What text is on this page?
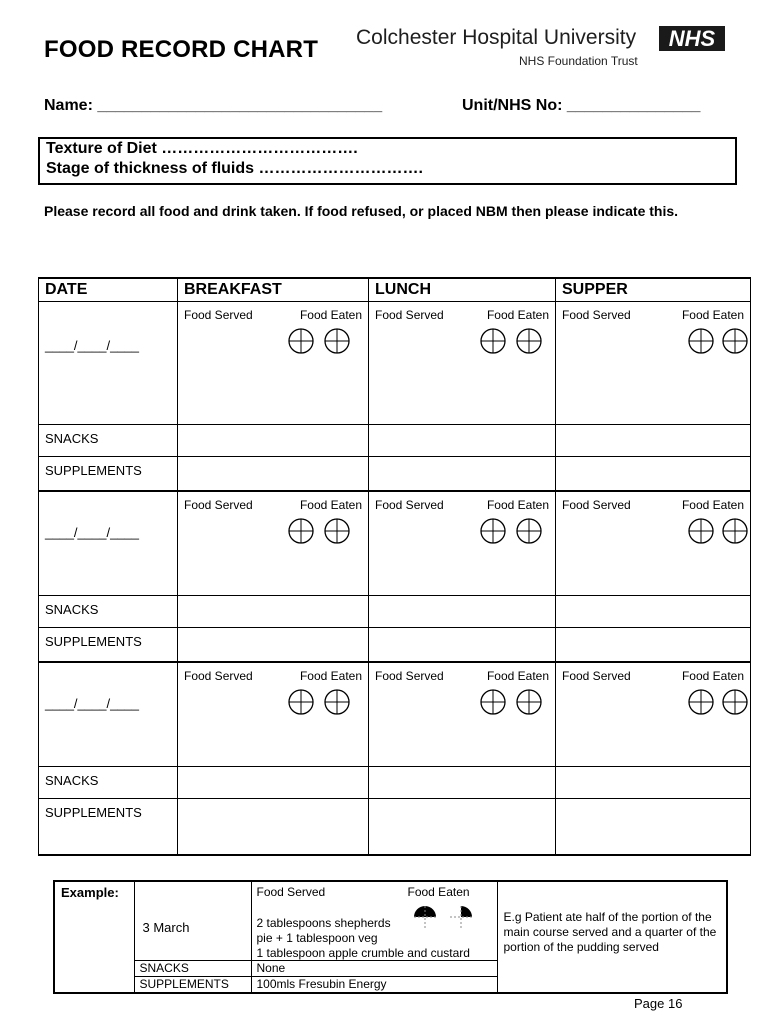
FOOD RECORD CHART Colchester Hospital University	NHS
NHS Foundation Trust
Name: ________________________________	Unit/NHS No: _______________
Texture of Diet ……………………………….
Stage of thickness of fluids ………………………….
Please record all food and drink taken. If food refused, or placed NBM then please indicate this.
DATE	BREAKFAST	LUNCH	SUPPER

____/____/____	Food Served Food Eaten	Food Served Food Eaten	Food Served Food Eaten

SNACKS			

SUPPLEMENTS			

____/____/____	Food Served Food Eaten	Food Served Food Eaten	Food Served Food Eaten

SNACKS			

SUPPLEMENTS			

____/____/____	Food Served Food Eaten	Food Served Food Eaten	Food Served Food Eaten

SNACKS			

SUPPLEMENTS			

Example:	3 March	Food Served Food Eaten
2 tablespoons shepherds
pie + 1 tablespoon veg
1 tablespoon apple crumble and custard	E.g Patient ate half of the portion of the main course served and a quarter of the portion of the pudding served
	SNACKS	None	
	SUPPLEMENTS	100mls Fresubin Energy	
Page 16
